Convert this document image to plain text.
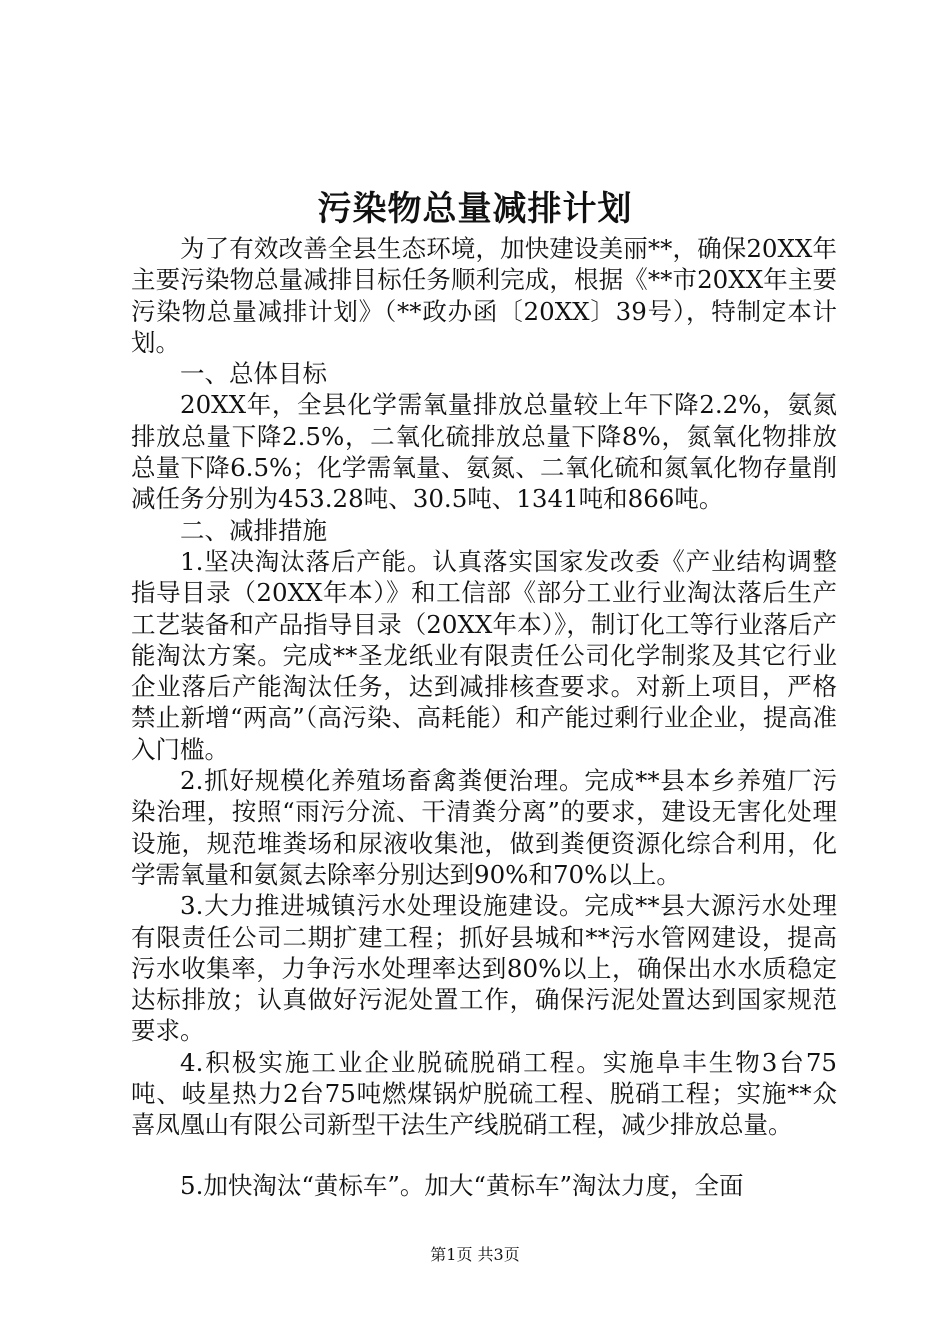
污染物总量减排计划

为了有效改善全县生态环境，加快建设美丽**，确保20XX年主要污染物总量减排目标任务顺利完成，根据《**市20XX年主要污染物总量减排计划》（**政办函〔20XX〕39号），特制定本计划。

一、总体目标

20XX年，全县化学需氧量排放总量较上年下降2.2%，氨氮排放总量下降2.5%，二氧化硫排放总量下降8%，氮氧化物排放总量下降6.5%；化学需氧量、氨氮、二氧化硫和氮氧化物存量削减任务分别为453.28吨、30.5吨、1341吨和866吨。

二、减排措施

1.坚决淘汰落后产能。认真落实国家发改委《产业结构调整指导目录（20XX年本）》和工信部《部分工业行业淘汰落后生产工艺装备和产品指导目录（20XX年本）》，制订化工等行业落后产能淘汰方案。完成**圣龙纸业有限责任公司化学制浆及其它行业企业落后产能淘汰任务，达到减排核查要求。对新上项目，严格禁止新增“两高”（高污染、高耗能）和产能过剩行业企业，提高准入门槛。

2.抓好规模化养殖场畜禽粪便治理。完成**县本乡养殖厂污染治理，按照“雨污分流、干清粪分离”的要求，建设无害化处理设施，规范堆粪场和尿液收集池，做到粪便资源化综合利用，化学需氧量和氨氮去除率分别达到90%和70%以上。

3.大力推进城镇污水处理设施建设。完成**县大源污水处理有限责任公司二期扩建工程；抓好县城和**污水管网建设，提高污水收集率，力争污水处理率达到80%以上，确保出水水质稳定达标排放；认真做好污泥处置工作，确保污泥处置达到国家规范要求。

4.积极实施工业企业脱硫脱硝工程。实施阜丰生物3台75吨、岐星热力2台75吨燃煤锅炉脱硫工程、脱硝工程；实施**众喜凤凰山有限公司新型干法生产线脱硝工程，减少排放总量。

5.加快淘汰“黄标车”。加大“黄标车”淘汰力度，全面

第1页 共3页
